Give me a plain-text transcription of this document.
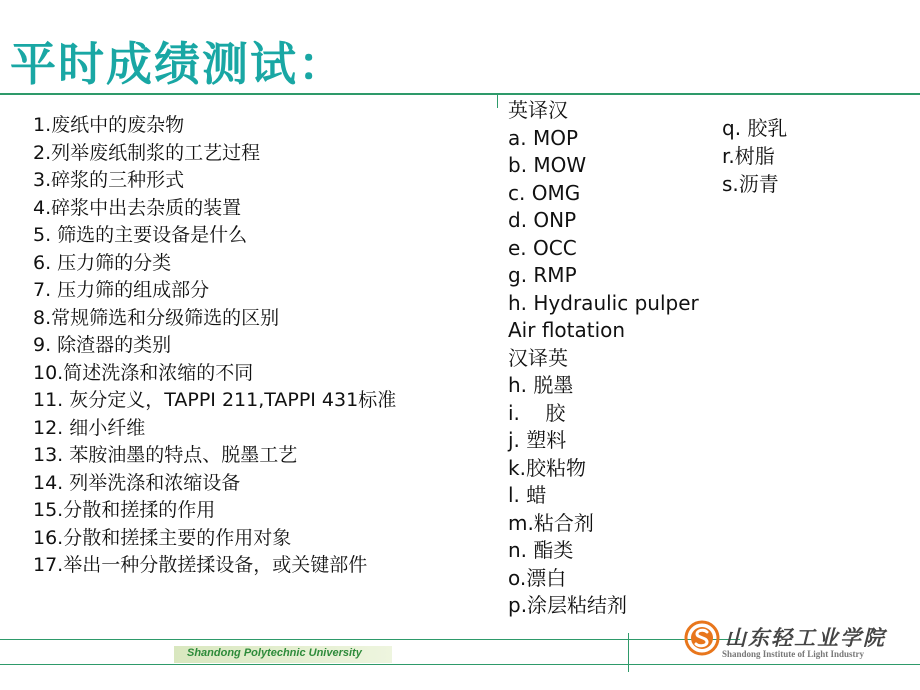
平时成绩测试：
1.废纸中的废杂物
2.列举废纸制浆的工艺过程
3.碎浆的三种形式
4.碎浆中出去杂质的装置
5. 筛选的主要设备是什么
6. 压力筛的分类
7. 压力筛的组成部分
8.常规筛选和分级筛选的区别
9. 除渣器的类别
10.简述洗涤和浓缩的不同
11. 灰分定义，TAPPI 211,TAPPI 431标准
12. 细小纤维
13. 苯胺油墨的特点、脱墨工艺
14. 列举洗涤和浓缩设备
15.分散和搓揉的作用
16.分散和搓揉主要的作用对象
17.举出一种分散搓揉设备，或关键部件
英译汉
a. MOP
b. MOW
c. OMG
d. ONP
e. OCC
g. RMP
h. Hydraulic pulper
Air flotation
汉译英
h. 脱墨
i.    胶
j. 塑料
k.胶粘物
l. 蜡
m.粘合剂
n. 酯类
o.漂白
p.涂层粘结剂
q. 胶乳
r.树脂
s.沥青
Shandong Polytechnic University
山东轻工业学院
Shandong Institute of Light Industry
